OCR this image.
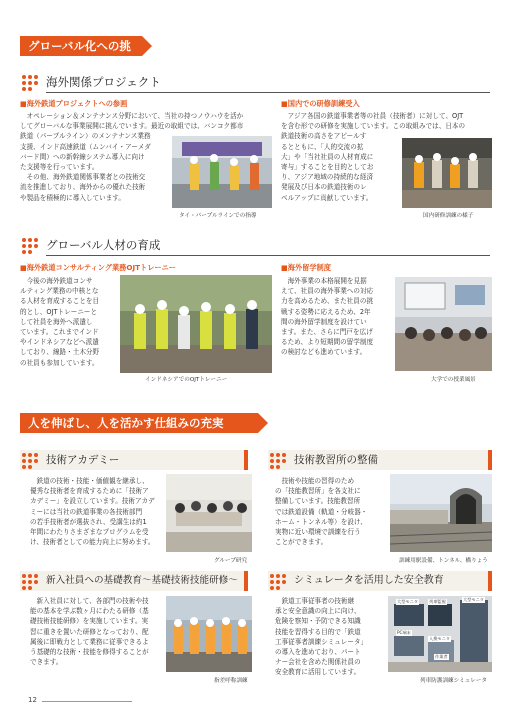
グローバル化への挑戦
海外関係プロジェクト
■海外鉄道プロジェクトへの参画
　オペレーション＆メンテナンス分野において、当社の持つノウハウを活か
してグローバルな事業展開に挑んでいます。最近の取組では、バンコク都市
鉄道（パープルライン）のメンテナンス業務
支援、インド高速鉄道（ムンバイ・アーメダ
バード間）への新幹線システム導入に向け
た支援等を行っています。
　その他、海外鉄道関係事業者との技術交
流を推進しており、海外からの優れた技術
や製品を積極的に導入しています。
タイ・パープルラインでの指導
■国内での研修訓練受入
　アジア各国の鉄道事業者等の社員（技術者）に対して、OJT
を含む形での研修を実施しています。この取組みでは、日本の
鉄道技術の高さをアピールす
るとともに、「人的交流の拡
大」や「当社社員の人材育成に
寄与」することを目的としてお
り、アジア地域の持続的な経済
発展及び日本の鉄道技術のレ
ベルアップに貢献しています。
国内研修訓練の様子
グローバル人材の育成
■海外鉄道コンサルティング業務OJTトレーニー
　今後の海外鉄道コンサ
ルティング業務の中核とな
る人材を育成することを目
的とし、OJTトレーニーと
して社員を海外へ派遣し
ています。これまでインド
やインドネシアなどへ派遣
しており、線路・土木分野
の社員も参加しています。
インドネシアでのOJTトレーニー
■海外留学制度
　海外事業の本格展開を見据
えて、社員の海外事業への対応
力を高めるため、また社員の挑
戦する姿勢に応えるため、2年
間の海外留学制度を設けてい
ます。また、さらに門戸を広げ
るため、より短期間の留学制度
の検討なども進めています。
大学での授業風景
人を伸ばし、人を活かす仕組みの充実
技術アカデミー
　鉄道の技術・技能・価値観を継承し、
優秀な技術者を育成するために「技術ア
カデミー」を設立しています。技術アカデ
ミーには当社の鉄道事業の各技術部門
の若手技術者が選抜され、受講生は約1
年間にわたりさまざまなプログラムを受
け、技術者としての能力向上に努めます。
グループ研究
技術教習所の整備
　技術や技能の習得のため
の「技能教習所」を各支社に
整備しています。技能教習所
では鉄道設備（軌道・分岐器・
ホーム・トンネル等）を設け、
実物に近い環境で訓練を行う
ことができます。
訓練用駅設備、トンネル、橋りょう
新入社員への基礎教育〜基礎技術技能研修〜
　新入社員に対して、各部門の技術や技
能の基本を学ぶ数ヶ月にわたる研修（基
礎技術技能研修）を実施しています。実
習に重きを置いた研修となっており、配
属後に即戦力として業務に従事できるよ
う基礎的な技術・技能を修得することが
できます。
指差呼称訓練
シミュレータを活用した安全教育
　鉄道工事従事者の技術継
承と安全意識の向上に向け、
危険を察知・予防できる知識
技能を習得する目的で「鉄道
工事従事者訓練シミュレータ」
の導入を進めており、パート
ナー会社を含めた関係社員の
安全教育に活用しています。
大型モニタ	列車監視
PC端末
入換モニタ
作業者
大型モニタ
列車防護訓練シミュレータ
12
